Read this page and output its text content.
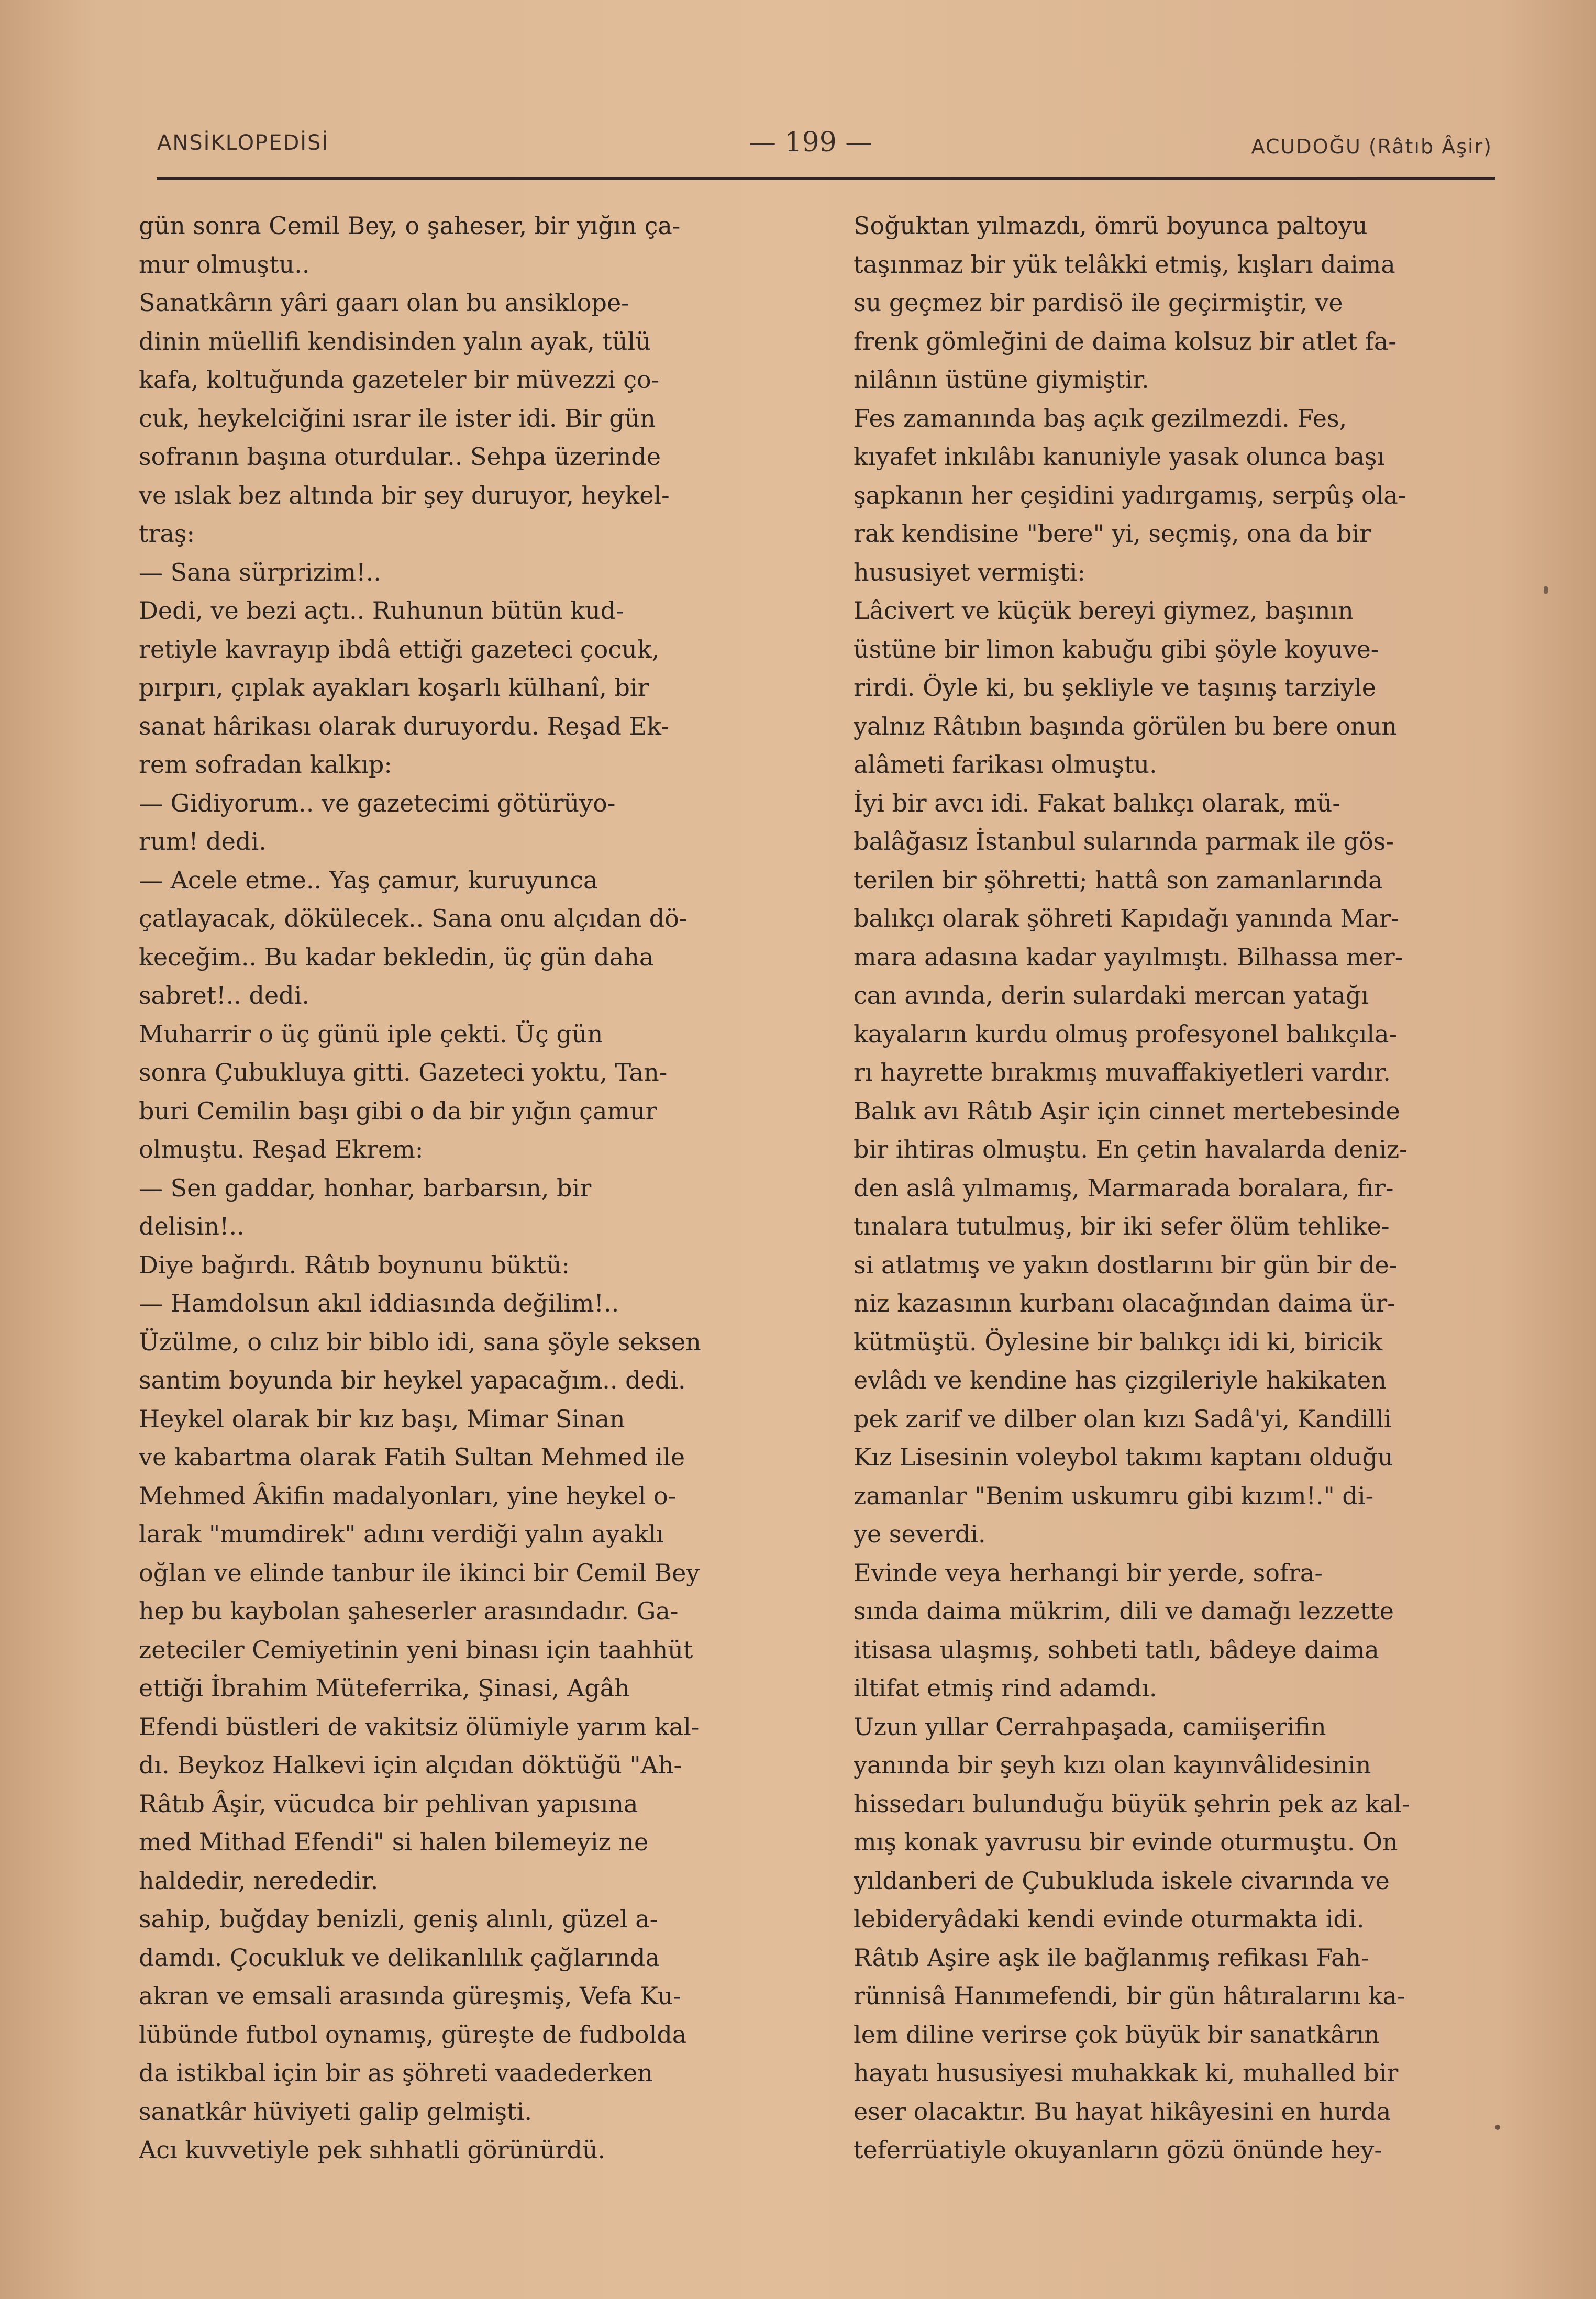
ANSİKLOPEDİSİ	— 199 —	ACUDOĞU (Râtıb Âşir)
gün sonra Cemil Bey, o şaheser, bir yığın ça-
mur olmuştu..
Sanatkârın yâri gaarı olan bu ansiklope-
dinin müellifi kendisinden yalın ayak, tülü
kafa, koltuğunda gazeteler bir müvezzi ço-
cuk, heykelciğini ısrar ile ister idi. Bir gün
sofranın başına oturdular.. Sehpa üzerinde
ve ıslak bez altında bir şey duruyor, heykel-
traş:
— Sana sürprizim!..
Dedi, ve bezi açtı.. Ruhunun bütün kud-
retiyle kavrayıp ibdâ ettiği gazeteci çocuk,
pırpırı, çıplak ayakları koşarlı külhanî, bir
sanat hârikası olarak duruyordu. Reşad Ek-
rem sofradan kalkıp:
— Gidiyorum.. ve gazetecimi götürüyo-
rum! dedi.
— Acele etme.. Yaş çamur, kuruyunca
çatlayacak, dökülecek.. Sana onu alçıdan dö-
keceğim.. Bu kadar bekledin, üç gün daha
sabret!.. dedi.
Muharrir o üç günü iple çekti. Üç gün
sonra Çubukluya gitti. Gazeteci yoktu, Tan-
buri Cemilin başı gibi o da bir yığın çamur
olmuştu. Reşad Ekrem:
— Sen gaddar, honhar, barbarsın, bir
delisin!..
Diye bağırdı. Râtıb boynunu büktü:
— Hamdolsun akıl iddiasında değilim!..
Üzülme, o cılız bir biblo idi, sana şöyle seksen
santim boyunda bir heykel yapacağım.. dedi.
Heykel olarak bir kız başı, Mimar Sinan
ve kabartma olarak Fatih Sultan Mehmed ile
Mehmed Âkifin madalyonları, yine heykel o-
larak "mumdirek" adını verdiği yalın ayaklı
oğlan ve elinde tanbur ile ikinci bir Cemil Bey
hep bu kaybolan şaheserler arasındadır. Ga-
zeteciler Cemiyetinin yeni binası için taahhüt
ettiği İbrahim Müteferrika, Şinasi, Agâh
Efendi büstleri de vakitsiz ölümiyle yarım kal-
dı. Beykoz Halkevi için alçıdan döktüğü "Ah-
Râtıb Âşir, vücudca bir pehlivan yapısına
med Mithad Efendi" si halen bilemeyiz ne
haldedir, nerededir.
sahip, buğday benizli, geniş alınlı, güzel a-
damdı. Çocukluk ve delikanlılık çağlarında
akran ve emsali arasında güreşmiş, Vefa Ku-
lübünde futbol oynamış, güreşte de fudbolda
da istikbal için bir as şöhreti vaadederken
sanatkâr hüviyeti galip gelmişti.
Acı kuvvetiyle pek sıhhatli görünürdü.
Soğuktan yılmazdı, ömrü boyunca paltoyu
taşınmaz bir yük telâkki etmiş, kışları daima
su geçmez bir pardisö ile geçirmiştir, ve
frenk gömleğini de daima kolsuz bir atlet fa-
nilânın üstüne giymiştir.
Fes zamanında baş açık gezilmezdi. Fes,
kıyafet inkılâbı kanuniyle yasak olunca başı
şapkanın her çeşidini yadırgamış, serpûş ola-
rak kendisine "bere" yi, seçmiş, ona da bir
hususiyet vermişti:
Lâcivert ve küçük bereyi giymez, başının
üstüne bir limon kabuğu gibi şöyle koyuve-
rirdi. Öyle ki, bu şekliyle ve taşınış tarziyle
yalnız Râtıbın başında görülen bu bere onun
alâmeti farikası olmuştu.
İyi bir avcı idi. Fakat balıkçı olarak, mü-
balâğasız İstanbul sularında parmak ile gös-
terilen bir şöhretti; hattâ son zamanlarında
balıkçı olarak şöhreti Kapıdağı yanında Mar-
mara adasına kadar yayılmıştı. Bilhassa mer-
can avında, derin sulardaki mercan yatağı
kayaların kurdu olmuş profesyonel balıkçıla-
rı hayrette bırakmış muvaffakiyetleri vardır.
Balık avı Râtıb Aşir için cinnet mertebesinde
bir ihtiras olmuştu. En çetin havalarda deniz-
den aslâ yılmamış, Marmarada boralara, fır-
tınalara tutulmuş, bir iki sefer ölüm tehlike-
si atlatmış ve yakın dostlarını bir gün bir de-
niz kazasının kurbanı olacağından daima ür-
kütmüştü. Öylesine bir balıkçı idi ki, biricik
evlâdı ve kendine has çizgileriyle hakikaten
pek zarif ve dilber olan kızı Sadâ'yi, Kandilli
Kız Lisesinin voleybol takımı kaptanı olduğu
zamanlar "Benim uskumru gibi kızım!." di-
ye severdi.
Evinde veya herhangi bir yerde, sofra-
sında daima mükrim, dili ve damağı lezzette
itisasa ulaşmış, sohbeti tatlı, bâdeye daima
iltifat etmiş rind adamdı.
Uzun yıllar Cerrahpaşada, camiişerifin
yanında bir şeyh kızı olan kayınvâlidesinin
hissedarı bulunduğu büyük şehrin pek az kal-
mış konak yavrusu bir evinde oturmuştu. On
yıldanberi de Çubukluda iskele civarında ve
lebideryâdaki kendi evinde oturmakta idi.
Râtıb Aşire aşk ile bağlanmış refikası Fah-
rünnisâ Hanımefendi, bir gün hâtıralarını ka-
lem diline verirse çok büyük bir sanatkârın
hayatı hususiyesi muhakkak ki, muhalled bir
eser olacaktır. Bu hayat hikâyesini en hurda
teferrüatiyle okuyanların gözü önünde hey-
